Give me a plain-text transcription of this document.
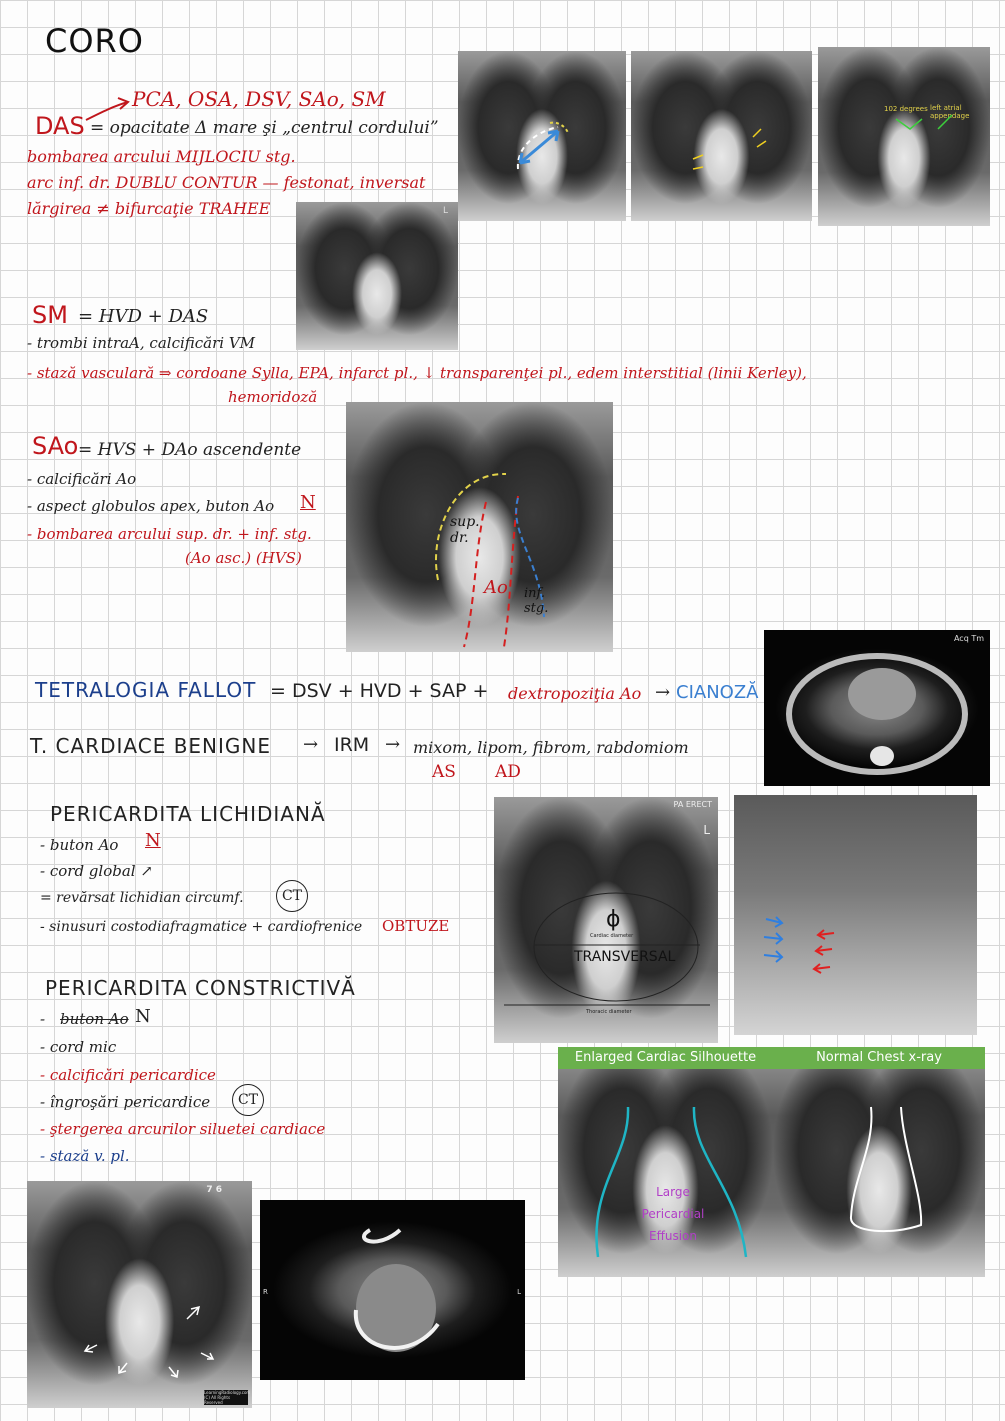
CORO
PCA, OSA, DSV, SAo, SM
DAS = opacitate Δ mare şi „centrul cordului”
bombarea arcului MIJLOCIU stg.
arc inf. dr. DUBLU CONTUR — festonat, inversat
lărgirea ≠ bifurcaţie TRAHEE
SM = HVD + DAS
- trombi intraA, calcificări VM
- stază vasculară ⇒ cordoane Sylla, EPA, infarct pl., ↓ transparenţei pl., edem interstitial (linii Kerley),
hemoridoză
SAo = HVS + DAo ascendente
- calcificări Ao
- aspect globulos apex, buton Ao N
- bombarea arcului sup. dr. + inf. stg.
(Ao asc.) (HVS)
TETRALOGIA FALLOT = DSV + HVD + SAP + dextropoziţia Ao → CIANOZĂ
T. CARDIACE BENIGNE → IRM → mixom, lipom, fibrom, rabdomiom
AS AD
PERICARDITA LICHIDIANĂ
- buton Ao N
- cord global ↗
= revărsat lichidian circumf.	CT
- sinusuri costodiafragmatice + cardiofrenice OBTUZE
PERICARDITA CONSTRICTIVĂ
- buton Ao N
- cord mic
- calcificări pericardice
- îngroşări pericardice	CT
- ştergerea arcurilor siluetei cardiace
- stază v. pl.
102 degrees left atrial appendage
L
sup. dr.
Ao inf. stg.
Acq Tm
PA ERECT
L
ϕ
Cardiac diameter
TRANSVERSAL
Thoracic diameter
Enlarged Cardiac Silhouette
Large Pericardial Effusion
Normal Chest x-ray
7 6
LearningRadiology.com (C) All Rights Reserved
R	L
